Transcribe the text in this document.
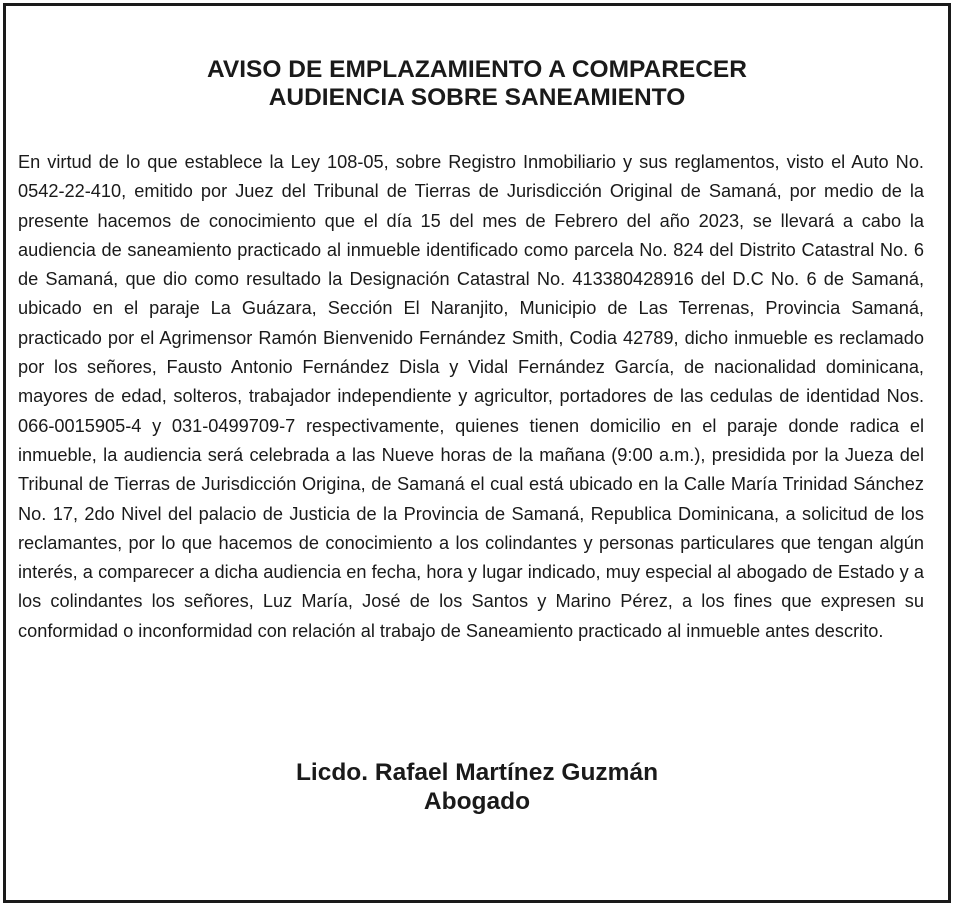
AVISO DE EMPLAZAMIENTO A COMPARECER
AUDIENCIA SOBRE SANEAMIENTO

En virtud de lo que establece la Ley 108-05, sobre Registro Inmobiliario y sus reglamentos, visto el Auto No. 0542-22-410, emitido por Juez del Tribunal de Tierras de Jurisdicción Original de Samaná, por medio de la presente hacemos de conocimiento que el día 15 del mes de Febrero del año 2023, se llevará a cabo la audiencia de saneamiento practicado al inmueble identificado como parcela No. 824 del Distrito Catastral No. 6 de Samaná, que dio como resultado la Designación Catastral No. 413380428916 del D.C No. 6 de Samaná, ubicado en el paraje La Guázara, Sección El Naranjito, Municipio de Las Terrenas, Provincia Samaná, practicado por el Agrimensor Ramón Bienvenido Fernández Smith, Codia 42789, dicho inmueble es reclamado por los señores, Fausto Antonio Fernández Disla y Vidal Fernández García, de nacionalidad dominicana, mayores de edad, solteros, trabajador independiente y agricultor, portadores de las cedulas de identidad Nos. 066-0015905-4 y 031-0499709-7 respectivamente, quienes tienen domicilio en el paraje donde radica el inmueble, la audiencia será celebrada a las Nueve horas de la mañana (9:00 a.m.), presidida por la Jueza del Tribunal de Tierras de Jurisdicción Origina, de Samaná el cual está ubicado en la Calle María Trinidad Sánchez No. 17, 2do Nivel del palacio de Justicia de la Provincia de Samaná, Republica Dominicana, a solicitud de los reclamantes, por lo que hacemos de conocimiento a los colindantes y personas particulares que tengan algún interés, a comparecer a dicha audiencia en fecha, hora y lugar indicado, muy especial al abogado de Estado y a los colindantes los señores, Luz María, José de los Santos y Marino Pérez, a los fines que expresen su conformidad o inconformidad con relación al trabajo de Saneamiento practicado al inmueble antes descrito.

Licdo. Rafael Martínez Guzmán
Abogado
